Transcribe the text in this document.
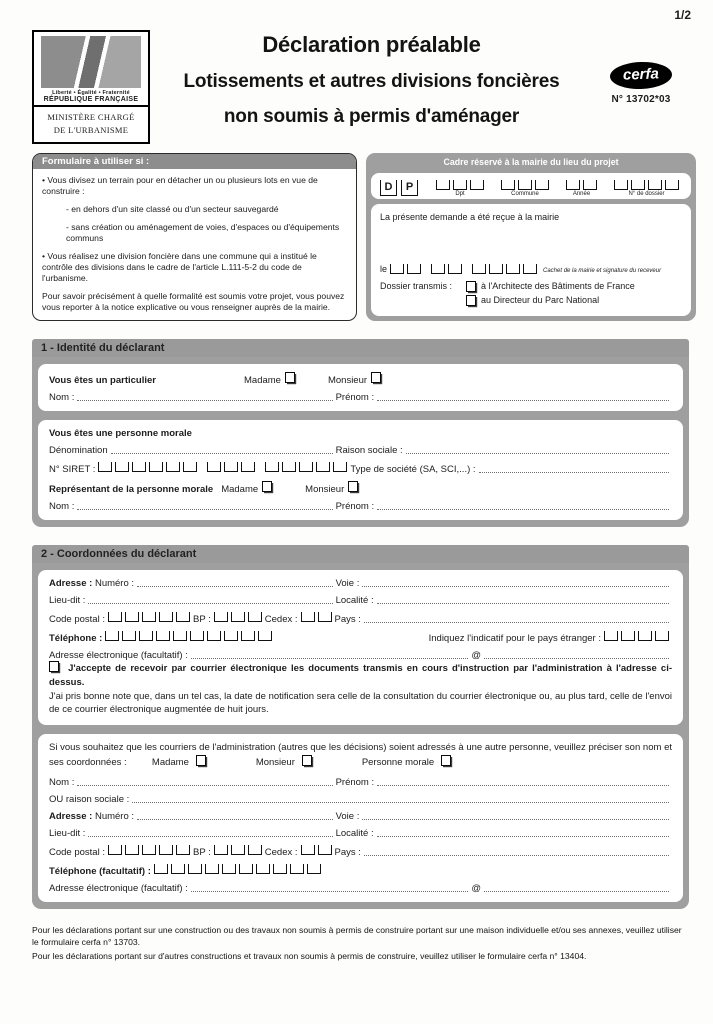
1/2
Liberté • Égalité • Fraternité
RÉPUBLIQUE FRANÇAISE
MINISTÈRE CHARGÉ
DE L'URBANISME
Déclaration préalable
Lotissements et autres divisions foncières
non soumis à permis d'aménager
cerfa
N° 13702*03
Formulaire à utiliser si :

• Vous divisez un terrain pour en détacher un ou plusieurs lots en vue de construire :

- en dehors d'un site classé ou d'un secteur sauvegardé

- sans création ou aménagement de voies, d'espaces ou d'équipements communs

• Vous réalisez une division foncière dans une commune qui a institué le contrôle des divisions dans le cadre de l'article L.111-5-2 du code de l'urbanisme.

Pour savoir précisément à quelle formalité est soumis votre projet, vous pouvez vous reporter à la notice explicative ou vous renseigner auprès de la mairie.

Cadre réservé à la mairie du lieu du projet
D	P
Dpt	Commune	Année	N° de dossier

La présente demande a été reçue à la mairie

le	Cachet de la mairie et signature du receveur
Dossier transmis :	à l'Architecte des Bâtiments de France
au Directeur du Parc National
1 - Identité du déclarant
Vous êtes un particulier	Madame	Monsieur
Nom :	Prénom :
Vous êtes une personne morale
Dénomination	Raison sociale :
N° SIRET :	Type de société (SA, SCI,...) :
Représentant de la personne morale Madame	Monsieur
Nom :	Prénom :
2 - Coordonnées du déclarant
Adresse :
Numéro :	Voie :
Lieu-dit :	Localité :
Code postal :	BP :	Cedex :	Pays :
Téléphone :	Indiquez l'indicatif pour le pays étranger :
Adresse électronique (facultatif) :	@

J'accepte de recevoir par courrier électronique les documents transmis en cours d'instruction par l'administration à l'adresse ci-dessus.

J'ai pris bonne note que, dans un tel cas, la date de notification sera celle de la consultation du courrier électronique ou, au plus tard, celle de l'envoi de ce courrier électronique augmentée de huit jours.

Si vous souhaitez que les courriers de l'administration (autres que les décisions) soient adressés à une autre personne, veuillez préciser son nom et ses coordonnées :	Madame	Monsieur	Personne morale

Nom :	Prénom :
OU raison sociale :
Adresse :
Numéro :	Voie :
Lieu-dit :	Localité :
Code postal :	BP :	Cedex :	Pays :
Téléphone (facultatif) :
Adresse électronique (facultatif) :	@

Pour les déclarations portant sur une construction ou des travaux non soumis à permis de construire portant sur une maison individuelle et/ou ses annexes, veuillez utiliser le formulaire cerfa n° 13703.

Pour les déclarations portant sur d'autres constructions et travaux non soumis à permis de construire, veuillez utiliser le formulaire cerfa n° 13404.
